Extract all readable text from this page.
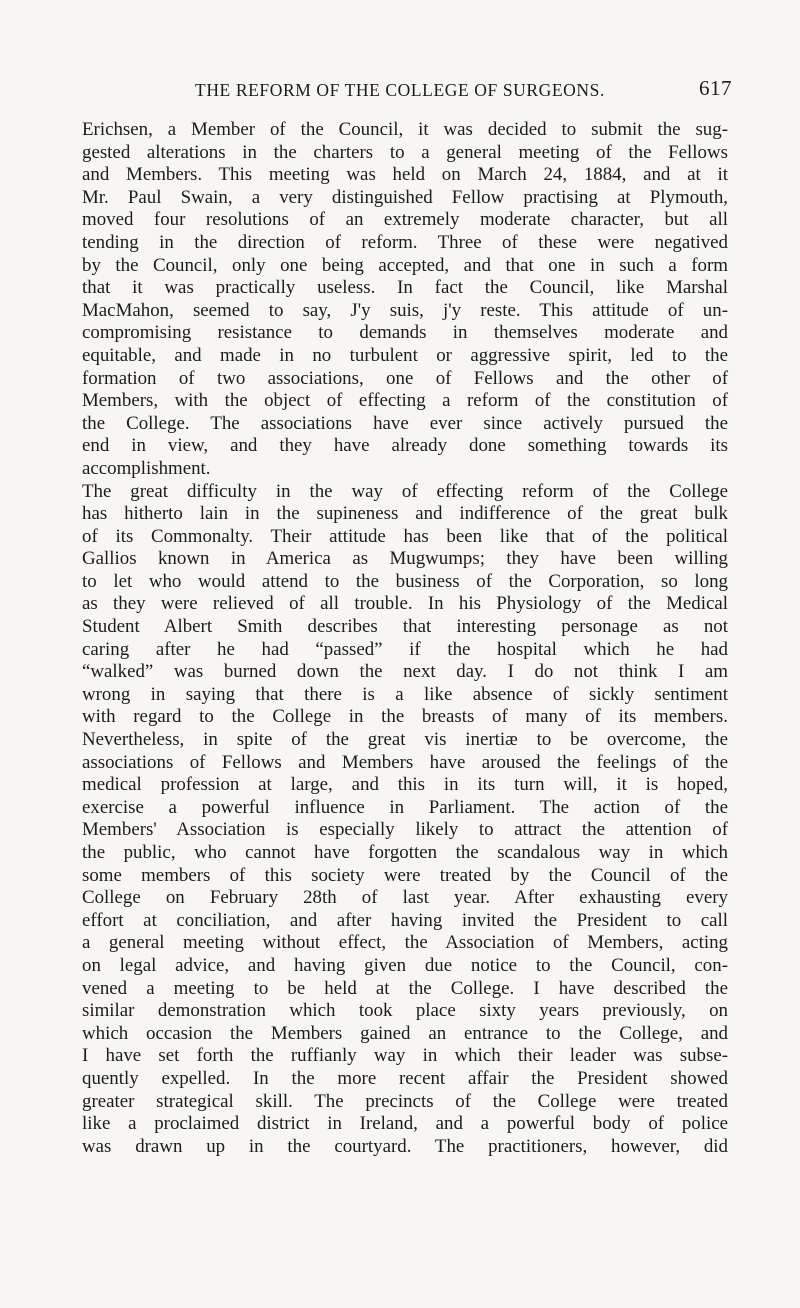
THE REFORM OF THE COLLEGE OF SURGEONS.	617
Erichsen, a Member of the Council, it was decided to submit the sug-
gested alterations in the charters to a general meeting of the Fellows
and Members. This meeting was held on March 24, 1884, and at it
Mr. Paul Swain, a very distinguished Fellow practising at Plymouth,
moved four resolutions of an extremely moderate character, but all
tending in the direction of reform. Three of these were negatived
by the Council, only one being accepted, and that one in such a form
that it was practically useless. In fact the Council, like Marshal
MacMahon, seemed to say, J'y suis, j'y reste. This attitude of un-
compromising resistance to demands in themselves moderate and
equitable, and made in no turbulent or aggressive spirit, led to the
formation of two associations, one of Fellows and the other of
Members, with the object of effecting a reform of the constitution of
the College. The associations have ever since actively pursued the
end in view, and they have already done something towards its
accomplishment.
The great difficulty in the way of effecting reform of the College
has hitherto lain in the supineness and indifference of the great bulk
of its Commonalty. Their attitude has been like that of the political
Gallios known in America as Mugwumps; they have been willing
to let who would attend to the business of the Corporation, so long
as they were relieved of all trouble. In his Physiology of the Medical
Student Albert Smith describes that interesting personage as not
caring after he had “passed” if the hospital which he had
“walked” was burned down the next day. I do not think I am
wrong in saying that there is a like absence of sickly sentiment
with regard to the College in the breasts of many of its members.
Nevertheless, in spite of the great vis inertiæ to be overcome, the
associations of Fellows and Members have aroused the feelings of the
medical profession at large, and this in its turn will, it is hoped,
exercise a powerful influence in Parliament. The action of the
Members' Association is especially likely to attract the attention of
the public, who cannot have forgotten the scandalous way in which
some members of this society were treated by the Council of the
College on February 28th of last year. After exhausting every
effort at conciliation, and after having invited the President to call
a general meeting without effect, the Association of Members, acting
on legal advice, and having given due notice to the Council, con-
vened a meeting to be held at the College. I have described the
similar demonstration which took place sixty years previously, on
which occasion the Members gained an entrance to the College, and
I have set forth the ruffianly way in which their leader was subse-
quently expelled. In the more recent affair the President showed
greater strategical skill. The precincts of the College were treated
like a proclaimed district in Ireland, and a powerful body of police
was drawn up in the courtyard. The practitioners, however, did
